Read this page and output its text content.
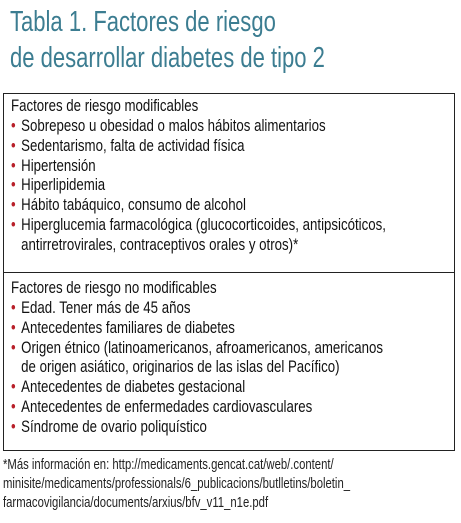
Tabla 1. Factores de riesgo
de desarrollar diabetes de tipo 2
Factores de riesgo modificables
• Sobrepeso u obesidad o malos hábitos alimentarios
• Sedentarismo, falta de actividad física
• Hipertensión
• Hiperlipidemia
• Hábito tabáquico, consumo de alcohol
• Hiperglucemia farmacológica (glucocorticoides, antipsicóticos,
antirretrovirales, contraceptivos orales y otros)*
Factores de riesgo no modificables
• Edad. Tener más de 45 años
• Antecedentes familiares de diabetes
• Origen étnico (latinoamericanos, afroamericanos, americanos
de origen asiático, originarios de las islas del Pacífico)
• Antecedentes de diabetes gestacional
• Antecedentes de enfermedades cardiovasculares
• Síndrome de ovario poliquístico
*Más información en: http://medicaments.gencat.cat/web/.content/
minisite/medicaments/professionals/6_publicacions/butlletins/boletin_
farmacovigilancia/documents/arxius/bfv_v11_n1e.pdf
